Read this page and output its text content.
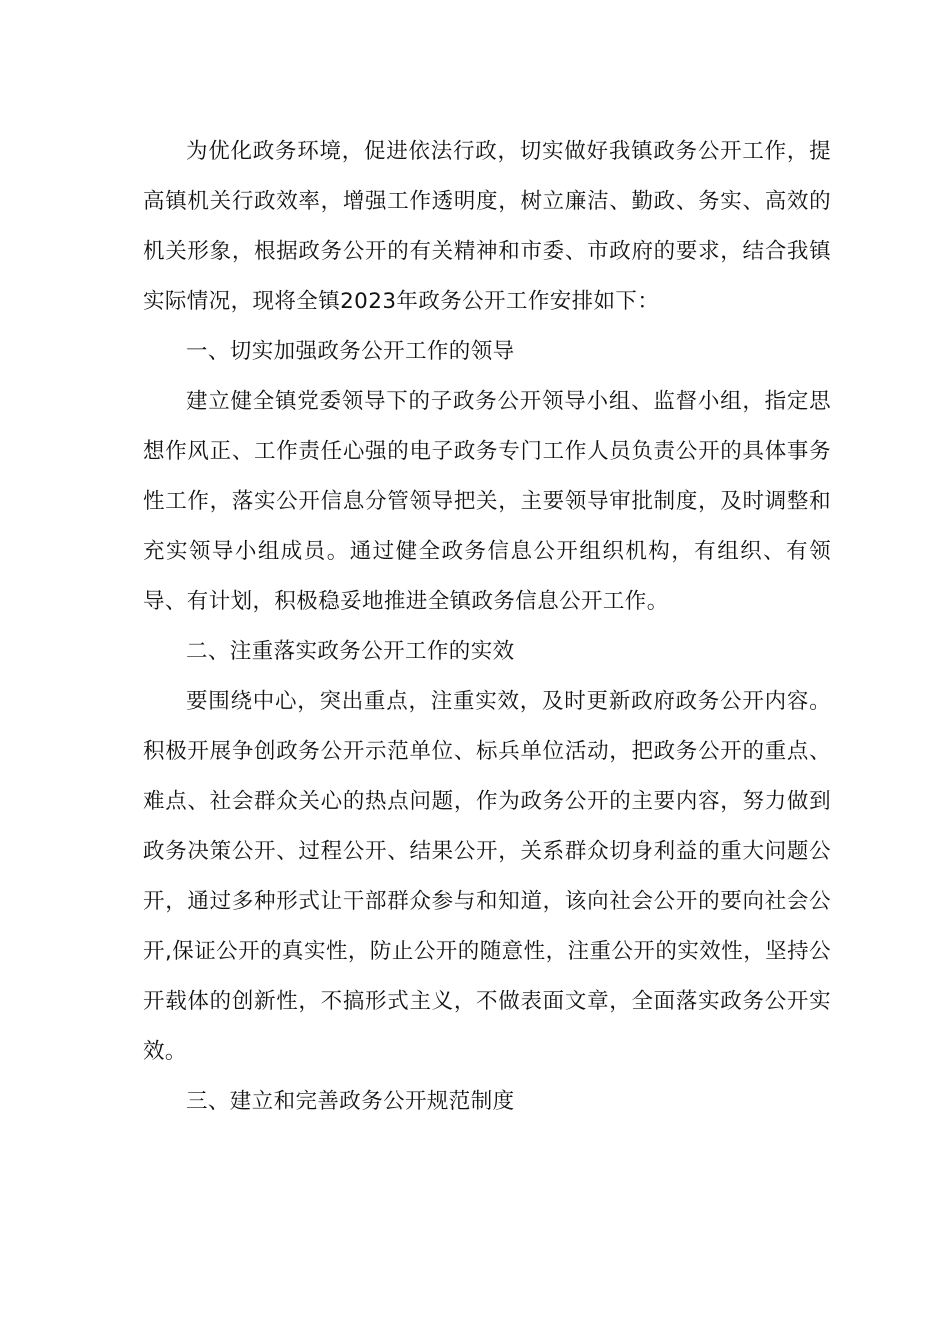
为优化政务环境，促进依法行政，切实做好我镇政务公开工作，提高镇机关行政效率，增强工作透明度，树立廉洁、勤政、务实、高效的机关形象，根据政务公开的有关精神和市委、市政府的要求，结合我镇实际情况，现将全镇2023年政务公开工作安排如下：

一、切实加强政务公开工作的领导

建立健全镇党委领导下的子政务公开领导小组、监督小组，指定思想作风正、工作责任心强的电子政务专门工作人员负责公开的具体事务性工作，落实公开信息分管领导把关，主要领导审批制度，及时调整和充实领导小组成员。通过健全政务信息公开组织机构，有组织、有领导、有计划，积极稳妥地推进全镇政务信息公开工作。

二、注重落实政务公开工作的实效

要围绕中心，突出重点，注重实效，及时更新政府政务公开内容。积极开展争创政务公开示范单位、标兵单位活动，把政务公开的重点、难点、社会群众关心的热点问题，作为政务公开的主要内容，努力做到政务决策公开、过程公开、结果公开，关系群众切身利益的重大问题公开，通过多种形式让干部群众参与和知道，该向社会公开的要向社会公开,保证公开的真实性，防止公开的随意性，注重公开的实效性，坚持公开载体的创新性，不搞形式主义，不做表面文章，全面落实政务公开实效。

三、建立和完善政务公开规范制度
